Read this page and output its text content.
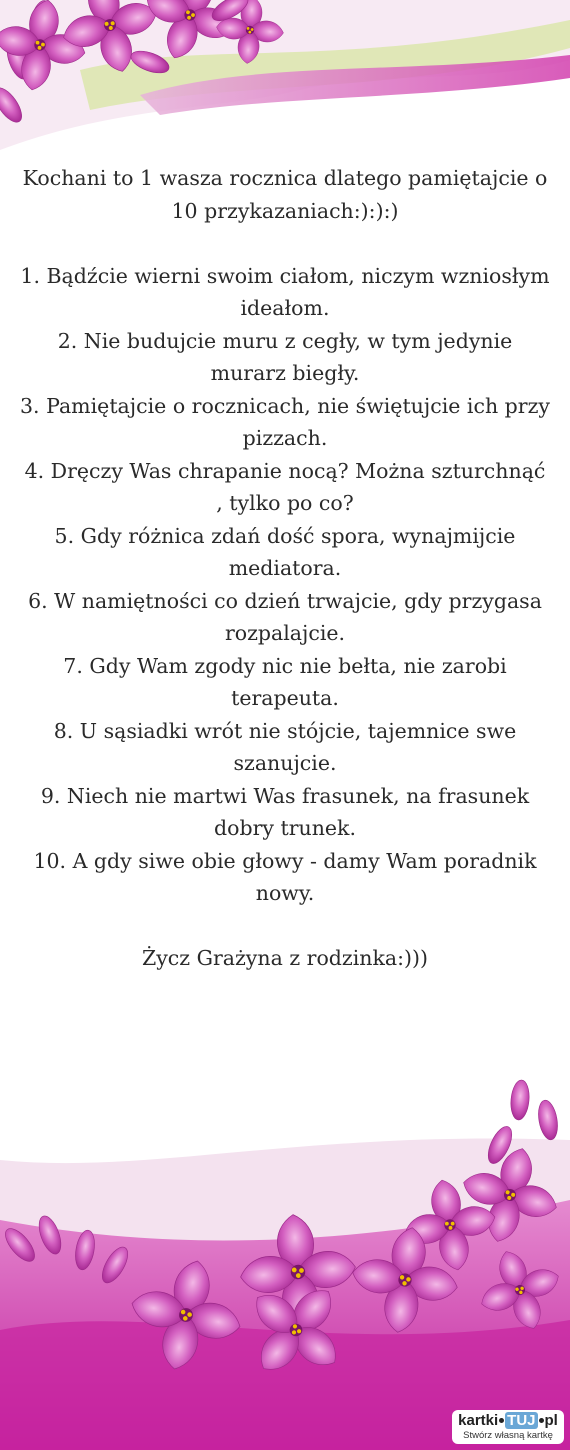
Kochani to 1 wasza rocznica dlatego pamiętajcie o 10 przykazaniach:):):)

1. Bądźcie wierni swoim ciałom, niczym wzniosłym ideałom.

2. Nie budujcie muru z cegły, w tym jedynie murarz biegły.

3. Pamiętajcie o rocznicach, nie świętujcie ich przy pizzach.

4. Dręczy Was chrapanie nocą? Można szturchnąć , tylko po co?

5. Gdy różnica zdań dość spora, wynajmijcie mediatora.

6. W namiętności co dzień trwajcie, gdy przygasa rozpalajcie.

7. Gdy Wam zgody nic nie bełta, nie zarobi terapeuta.

8. U sąsiadki wrót nie stójcie, tajemnice swe szanujcie.

9. Niech nie martwi Was frasunek, na frasunek dobry trunek.

10. A gdy siwe obie głowy - damy Wam poradnik nowy.

Życz Grażyna z rodzinka:)))

kartki TUJ pl
Stwórz własną kartkę
